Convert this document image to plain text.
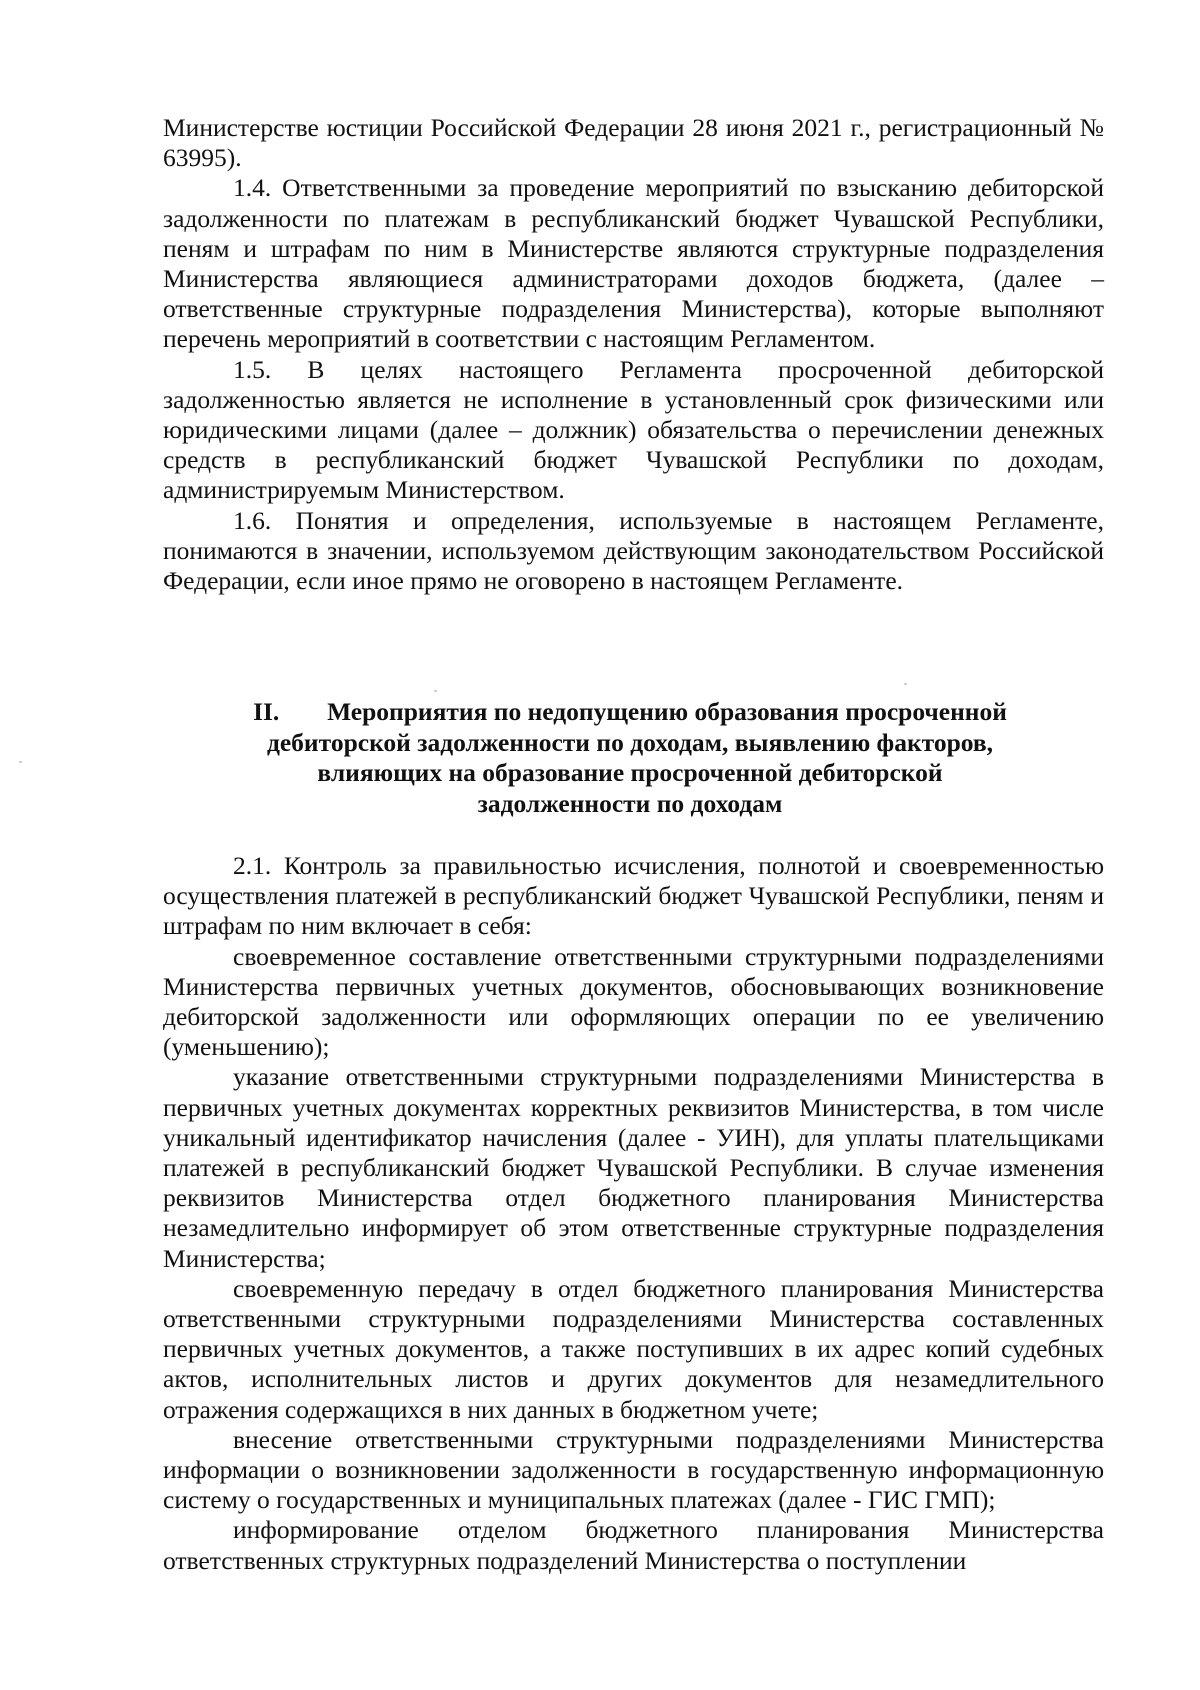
Министерстве юстиции Российской Федерации 28 июня 2021 г., регистрационный № 63995).

1.4. Ответственными за проведение мероприятий по взысканию дебиторской задолженности по платежам в республиканский бюджет Чувашской Республики, пеням и штрафам по ним в Министерстве являются структурные подразделения Министерства являющиеся администраторами доходов бюджета, (далее – ответственные структурные подразделения Министерства), которые выполняют перечень мероприятий в соответствии с настоящим Регламентом.

1.5. В целях настоящего Регламента просроченной дебиторской задолженностью является не исполнение в установленный срок физическими или юридическими лицами (далее – должник) обязательства о перечислении денежных средств в республиканский бюджет Чувашской Республики по доходам, администрируемым Министерством.

1.6. Понятия и определения, используемые в настоящем Регламенте, понимаются в значении, используемом действующим законодательством Российской Федерации, если иное прямо не оговорено в настоящем Регламенте.

II. Мероприятия по недопущению образования просроченной

дебиторской задолженности по доходам, выявлению факторов,

влияющих на образование просроченной дебиторской

задолженности по доходам

2.1. Контроль за правильностью исчисления, полнотой и своевременностью осуществления платежей в республиканский бюджет Чувашской Республики, пеням и штрафам по ним включает в себя:

своевременное составление ответственными структурными подразделениями Министерства первичных учетных документов, обосновывающих возникновение дебиторской задолженности или оформляющих операции по ее увеличению (уменьшению);

указание ответственными структурными подразделениями Министерства в первичных учетных документах корректных реквизитов Министерства, в том числе уникальный идентификатор начисления (далее - УИН), для уплаты плательщиками платежей в республиканский бюджет Чувашской Республики. В случае изменения реквизитов Министерства отдел бюджетного планирования Министерства незамедлительно информирует об этом ответственные структурные подразделения Министерства;

своевременную передачу в отдел бюджетного планирования Министерства ответственными структурными подразделениями Министерства составленных первичных учетных документов, а также поступивших в их адрес копий судебных актов, исполнительных листов и других документов для незамедлительного отражения содержащихся в них данных в бюджетном учете;

внесение ответственными структурными подразделениями Министерства информации о возникновении задолженности в государственную информационную систему о государственных и муниципальных платежах (далее - ГИС ГМП);

информирование отделом бюджетного планирования Министерства ответственных структурных подразделений Министерства о поступлении
